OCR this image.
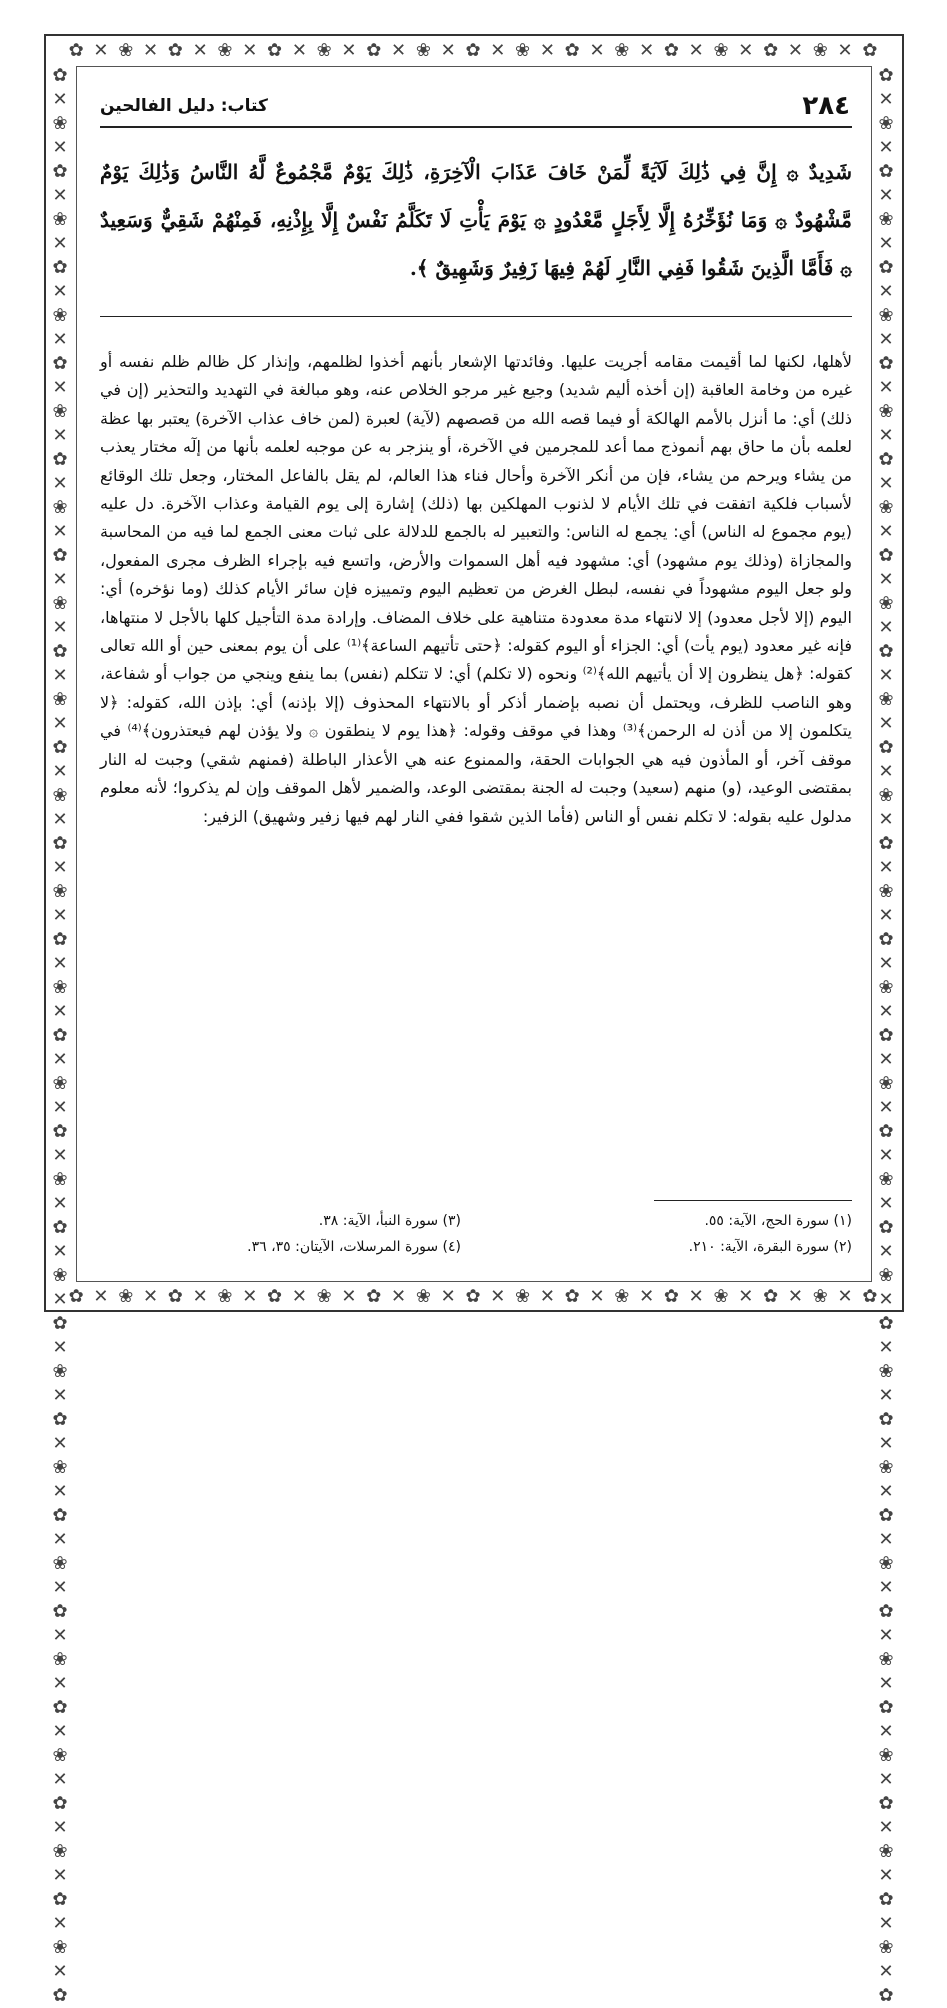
✿ ✕ ❀ ✕ ✿ ✕ ❀ ✕ ✿ ✕ ❀ ✕ ✿ ✕ ❀ ✕ ✿ ✕ ❀ ✕ ✿ ✕ ❀ ✕ ✿ ✕ ❀ ✕ ✿ ✕ ❀ ✕ ✿
✿ ✕ ❀ ✕ ✿ ✕ ❀ ✕ ✿ ✕ ❀ ✕ ✿ ✕ ❀ ✕ ✿ ✕ ❀ ✕ ✿ ✕ ❀ ✕ ✿ ✕ ❀ ✕ ✿ ✕ ❀ ✕ ✿
✿ ✕ ❀ ✕ ✿ ✕ ❀ ✕ ✿ ✕ ❀ ✕ ✿ ✕ ❀ ✕ ✿ ✕ ❀ ✕ ✿ ✕ ❀ ✕ ✿ ✕ ❀ ✕ ✿ ✕ ❀ ✕ ✿ ✕ ❀ ✕ ✿ ✕ ❀ ✕ ✿ ✕ ❀ ✕ ✿ ✕ ❀ ✕ ✿ ✕ ❀ ✕ ✿ ✕ ❀ ✕ ✿ ✕ ❀ ✕ ✿ ✕ ❀ ✕ ✿ ✕ ❀ ✕ ✿ ✕ ❀ ✕ ✿ ✕ ❀ ✕ ✿ ✕ ❀ ✕ ✿
✿ ✕ ❀ ✕ ✿ ✕ ❀ ✕ ✿ ✕ ❀ ✕ ✿ ✕ ❀ ✕ ✿ ✕ ❀ ✕ ✿ ✕ ❀ ✕ ✿ ✕ ❀ ✕ ✿ ✕ ❀ ✕ ✿ ✕ ❀ ✕ ✿ ✕ ❀ ✕ ✿ ✕ ❀ ✕ ✿ ✕ ❀ ✕ ✿ ✕ ❀ ✕ ✿ ✕ ❀ ✕ ✿ ✕ ❀ ✕ ✿ ✕ ❀ ✕ ✿ ✕ ❀ ✕ ✿ ✕ ❀ ✕ ✿ ✕ ❀ ✕ ✿ ✕ ❀ ✕ ✿
٢٨٤
كتاب: دليل الفالحين
شَدِيدٌ ۞ إِنَّ فِي ذَٰلِكَ لَآيَةً لِّمَنْ خَافَ عَذَابَ الْآخِرَةِ، ذَٰلِكَ يَوْمٌ مَّجْمُوعٌ لَّهُ النَّاسُ وَذَٰلِكَ يَوْمٌ مَّشْهُودٌ ۞ وَمَا نُؤَخِّرُهُ إِلَّا لِأَجَلٍ مَّعْدُودٍ ۞ يَوْمَ يَأْتِ لَا تَكَلَّمُ نَفْسٌ إِلَّا بِإِذْنِهِ، فَمِنْهُمْ شَقِيٌّ وَسَعِيدٌ ۞ فَأَمَّا الَّذِينَ شَقُوا فَفِي النَّارِ لَهُمْ فِيهَا زَفِيرٌ وَشَهِيقٌ ﴾.

لأهلها، لكنها لما أقيمت مقامه أجريت عليها. وفائدتها الإشعار بأنهم أخذوا لظلمهم، وإنذار كل ظالم ظلم نفسه أو غيره من وخامة العاقبة (إن أخذه أليم شديد) وجيع غير مرجو الخلاص عنه، وهو مبالغة في التهديد والتحذير (إن في ذلك) أي: ما أنزل بالأمم الهالكة أو فيما قصه الله من قصصهم (لآية) لعبرة (لمن خاف عذاب الآخرة) يعتبر بها عظة لعلمه بأن ما حاق بهم أنموذج مما أعد للمجرمين في الآخرة، أو ينزجر به عن موجبه لعلمه بأنها من إلٓه مختار يعذب من يشاء ويرحم من يشاء، فإن من أنكر الآخرة وأحال فناء هذا العالم، لم يقل بالفاعل المختار، وجعل تلك الوقائع لأسباب فلكية اتفقت في تلك الأيام لا لذنوب المهلكين بها (ذلك) إشارة إلى يوم القيامة وعذاب الآخرة. دل عليه (يوم مجموع له الناس) أي: يجمع له الناس: والتعبير له بالجمع للدلالة على ثبات معنى الجمع لما فيه من المحاسبة والمجازاة (وذلك يوم مشهود) أي: مشهود فيه أهل السموات والأرض، واتسع فيه بإجراء الظرف مجرى المفعول، ولو جعل اليوم مشهوداً في نفسه، لبطل الغرض من تعظيم اليوم وتمييزه فإن سائر الأيام كذلك (وما نؤخره) أي: اليوم (إلا لأجل معدود) إلا لانتهاء مدة معدودة متناهية على خلاف المضاف. وإرادة مدة التأجيل كلها بالأجل لا منتهاها، فإنه غير معدود (يوم يأت) أي: الجزاء أو اليوم كقوله: ﴿حتى تأتيهم الساعة﴾⁽¹⁾ على أن يوم بمعنى حين أو الله تعالى كقوله: ﴿هل ينظرون إلا أن يأتيهم الله﴾⁽²⁾ ونحوه (لا تكلم) أي: لا تتكلم (نفس) بما ينفع وينجي من جواب أو شفاعة، وهو الناصب للظرف، ويحتمل أن نصبه بإضمار أذكر أو بالانتهاء المحذوف (إلا بإذنه) أي: بإذن الله، كقوله: ﴿لا يتكلمون إلا من أذن له الرحمن﴾⁽³⁾ وهذا في موقف وقوله: ﴿هذا يوم لا ينطقون ۞ ولا يؤذن لهم فيعتذرون﴾⁽⁴⁾ في موقف آخر، أو المأذون فيه هي الجوابات الحقة، والممنوع عنه هي الأعذار الباطلة (فمنهم شقي) وجبت له النار بمقتضى الوعيد، (و) منهم (سعيد) وجبت له الجنة بمقتضى الوعد، والضمير لأهل الموقف وإن لم يذكروا؛ لأنه معلوم مدلول عليه بقوله: لا تكلم نفس أو الناس (فأما الذين شقوا ففي النار لهم فيها زفير وشهيق) الزفير:

(١) سورة الحج، الآية: ٥٥.
(٣) سورة النبأ، الآية: ٣٨.
(٢) سورة البقرة، الآية: ٢١٠.
(٤) سورة المرسلات، الآيتان: ٣٥، ٣٦.
